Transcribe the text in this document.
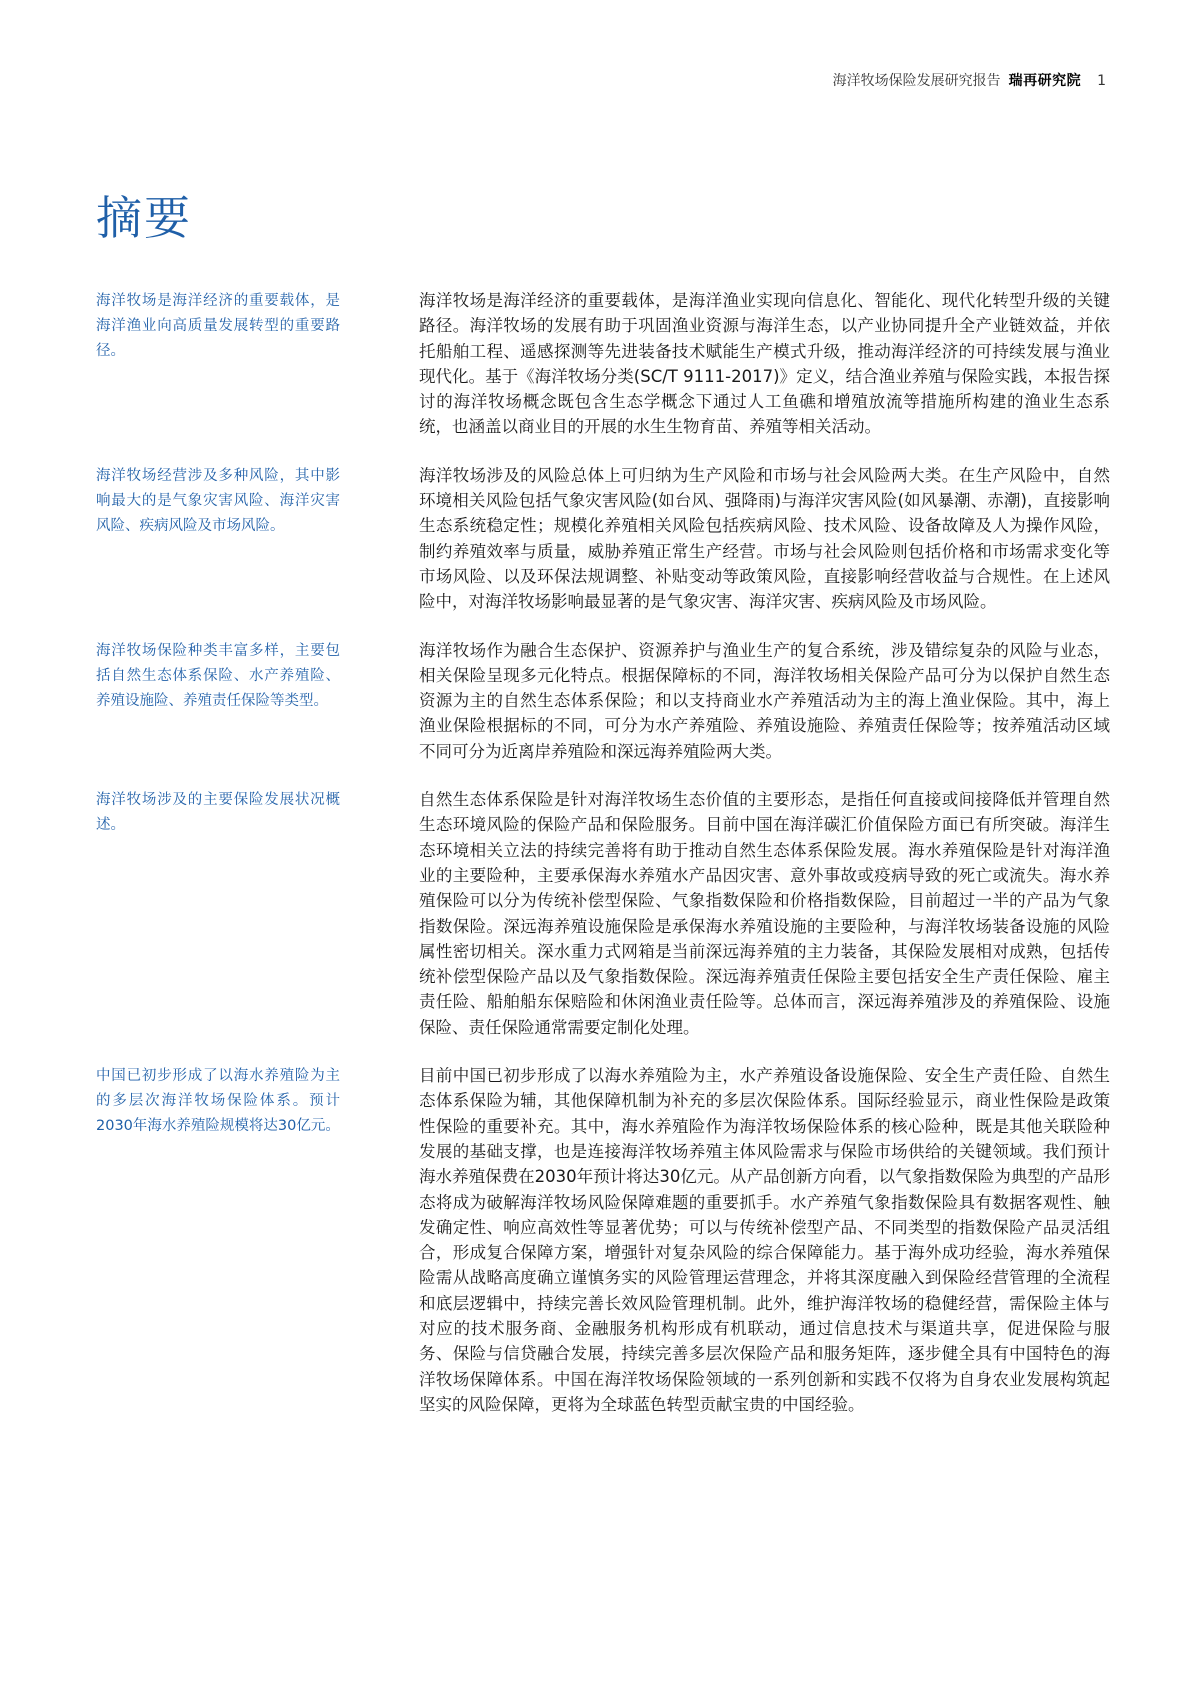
海洋牧场保险发展研究报告 瑞再研究院 1
摘要

海洋牧场是海洋经济的重要载体，是海洋渔业向高质量发展转型的重要路径。

海洋牧场是海洋经济的重要载体，是海洋渔业实现向信息化、智能化、现代化转型升级的关键路径。海洋牧场的发展有助于巩固渔业资源与海洋生态，以产业协同提升全产业链效益，并依托船舶工程、遥感探测等先进装备技术赋能生产模式升级，推动海洋经济的可持续发展与渔业现代化。基于《海洋牧场分类(SC/T 9111-2017)》定义，结合渔业养殖与保险实践，本报告探讨的海洋牧场概念既包含生态学概念下通过人工鱼礁和增殖放流等措施所构建的渔业生态系统，也涵盖以商业目的开展的水生生物育苗、养殖等相关活动。

海洋牧场经营涉及多种风险，其中影响最大的是气象灾害风险、海洋灾害风险、疾病风险及市场风险。

海洋牧场涉及的风险总体上可归纳为生产风险和市场与社会风险两大类。在生产风险中，自然环境相关风险包括气象灾害风险(如台风、强降雨)与海洋灾害风险(如风暴潮、赤潮)，直接影响生态系统稳定性；规模化养殖相关风险包括疾病风险、技术风险、设备故障及人为操作风险，制约养殖效率与质量，威胁养殖正常生产经营。市场与社会风险则包括价格和市场需求变化等市场风险、以及环保法规调整、补贴变动等政策风险，直接影响经营收益与合规性。在上述风险中，对海洋牧场影响最显著的是气象灾害、海洋灾害、疾病风险及市场风险。

海洋牧场保险种类丰富多样，主要包括自然生态体系保险、水产养殖险、养殖设施险、养殖责任保险等类型。

海洋牧场作为融合生态保护、资源养护与渔业生产的复合系统，涉及错综复杂的风险与业态，相关保险呈现多元化特点。根据保障标的不同，海洋牧场相关保险产品可分为以保护自然生态资源为主的自然生态体系保险；和以支持商业水产养殖活动为主的海上渔业保险。其中，海上渔业保险根据标的不同，可分为水产养殖险、养殖设施险、养殖责任保险等；按养殖活动区域不同可分为近离岸养殖险和深远海养殖险两大类。

海洋牧场涉及的主要保险发展状况概述。

自然生态体系保险是针对海洋牧场生态价值的主要形态，是指任何直接或间接降低并管理自然生态环境风险的保险产品和保险服务。目前中国在海洋碳汇价值保险方面已有所突破。海洋生态环境相关立法的持续完善将有助于推动自然生态体系保险发展。海水养殖保险是针对海洋渔业的主要险种，主要承保海水养殖水产品因灾害、意外事故或疫病导致的死亡或流失。海水养殖保险可以分为传统补偿型保险、气象指数保险和价格指数保险，目前超过一半的产品为气象指数保险。深远海养殖设施保险是承保海水养殖设施的主要险种，与海洋牧场装备设施的风险属性密切相关。深水重力式网箱是当前深远海养殖的主力装备，其保险发展相对成熟，包括传统补偿型保险产品以及气象指数保险。深远海养殖责任保险主要包括安全生产责任保险、雇主责任险、船舶船东保赔险和休闲渔业责任险等。总体而言，深远海养殖涉及的养殖保险、设施保险、责任保险通常需要定制化处理。

中国已初步形成了以海水养殖险为主的多层次海洋牧场保险体系。预计2030年海水养殖险规模将达30亿元。

目前中国已初步形成了以海水养殖险为主，水产养殖设备设施保险、安全生产责任险、自然生态体系保险为辅，其他保障机制为补充的多层次保险体系。国际经验显示，商业性保险是政策性保险的重要补充。其中，海水养殖险作为海洋牧场保险体系的核心险种，既是其他关联险种发展的基础支撑，也是连接海洋牧场养殖主体风险需求与保险市场供给的关键领域。我们预计海水养殖保费在2030年预计将达30亿元。从产品创新方向看，以气象指数保险为典型的产品形态将成为破解海洋牧场风险保障难题的重要抓手。水产养殖气象指数保险具有数据客观性、触发确定性、响应高效性等显著优势；可以与传统补偿型产品、不同类型的指数保险产品灵活组合，形成复合保障方案，增强针对复杂风险的综合保障能力。基于海外成功经验，海水养殖保险需从战略高度确立谨慎务实的风险管理运营理念，并将其深度融入到保险经营管理的全流程和底层逻辑中，持续完善长效风险管理机制。此外，维护海洋牧场的稳健经营，需保险主体与对应的技术服务商、金融服务机构形成有机联动，通过信息技术与渠道共享，促进保险与服务、保险与信贷融合发展，持续完善多层次保险产品和服务矩阵，逐步健全具有中国特色的海洋牧场保障体系。中国在海洋牧场保险领域的一系列创新和实践不仅将为自身农业发展构筑起坚实的风险保障，更将为全球蓝色转型贡献宝贵的中国经验。
